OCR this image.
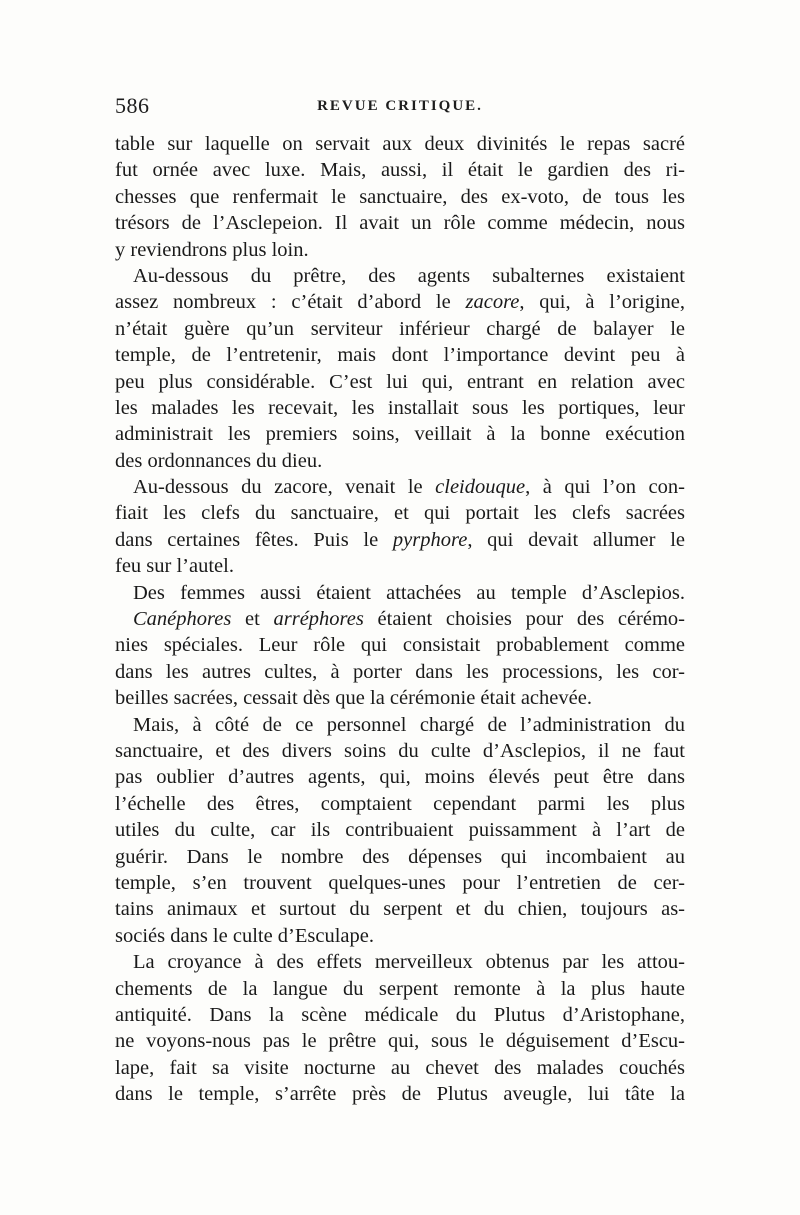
586	REVUE CRITIQUE.
table sur laquelle on servait aux deux divinités le repas sacré
fut ornée avec luxe. Mais, aussi, il était le gardien des ri-
chesses que renfermait le sanctuaire, des ex-voto, de tous les
trésors de l’Asclepeion. Il avait un rôle comme médecin, nous
y reviendrons plus loin.
Au-dessous du prêtre, des agents subalternes existaient
assez nombreux : c’était d’abord le zacore, qui, à l’origine,
n’était guère qu’un serviteur inférieur chargé de balayer le
temple, de l’entretenir, mais dont l’importance devint peu à
peu plus considérable. C’est lui qui, entrant en relation avec
les malades les recevait, les installait sous les portiques, leur
administrait les premiers soins, veillait à la bonne exécution
des ordonnances du dieu.
Au-dessous du zacore, venait le cleidouque, à qui l’on con-
fiait les clefs du sanctuaire, et qui portait les clefs sacrées
dans certaines fêtes. Puis le pyrphore, qui devait allumer le
feu sur l’autel.
Des femmes aussi étaient attachées au temple d’Asclepios.
Canéphores et arréphores étaient choisies pour des cérémo-
nies spéciales. Leur rôle qui consistait probablement comme
dans les autres cultes, à porter dans les processions, les cor-
beilles sacrées, cessait dès que la cérémonie était achevée.
Mais, à côté de ce personnel chargé de l’administration du
sanctuaire, et des divers soins du culte d’Asclepios, il ne faut
pas oublier d’autres agents, qui, moins élevés peut être dans
l’échelle des êtres, comptaient cependant parmi les plus
utiles du culte, car ils contribuaient puissamment à l’art de
guérir. Dans le nombre des dépenses qui incombaient au
temple, s’en trouvent quelques-unes pour l’entretien de cer-
tains animaux et surtout du serpent et du chien, toujours as-
sociés dans le culte d’Esculape.
La croyance à des effets merveilleux obtenus par les attou-
chements de la langue du serpent remonte à la plus haute
antiquité. Dans la scène médicale du Plutus d’Aristophane,
ne voyons-nous pas le prêtre qui, sous le déguisement d’Escu-
lape, fait sa visite nocturne au chevet des malades couchés
dans le temple, s’arrête près de Plutus aveugle, lui tâte la
